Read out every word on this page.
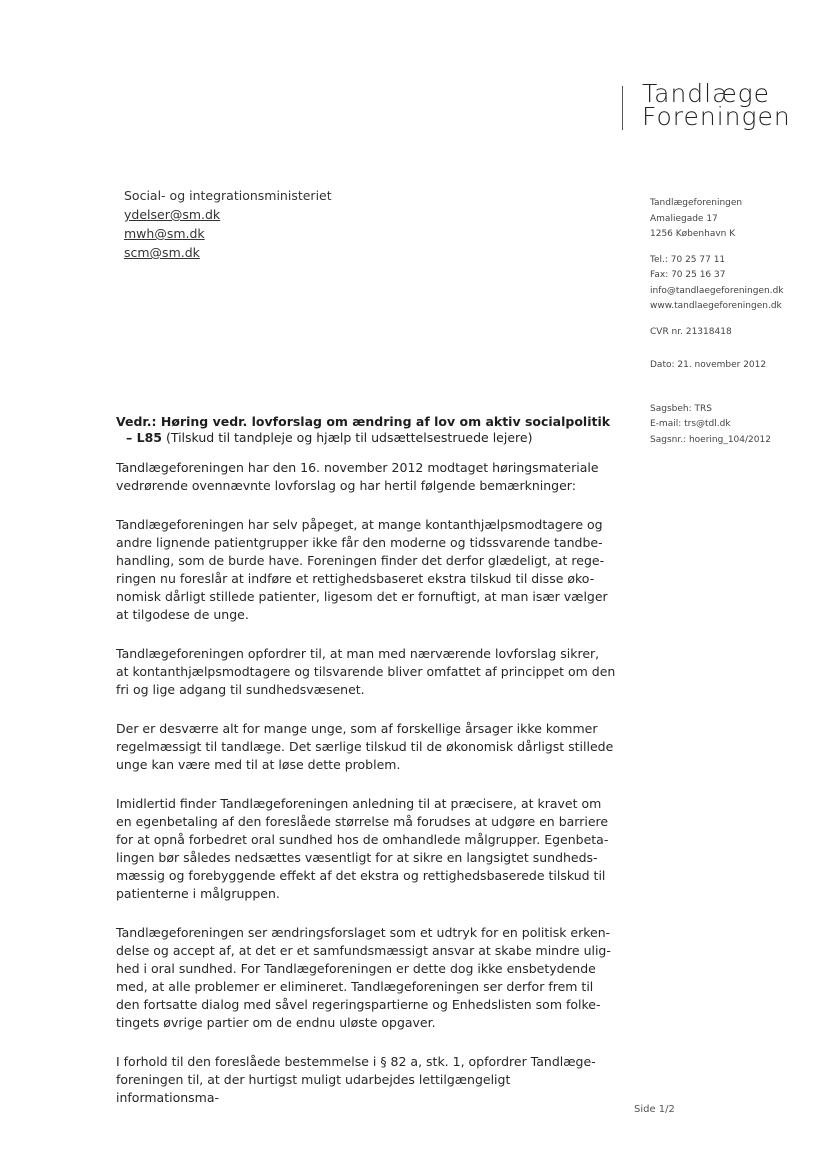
Tandlæge
Foreningen
Social- og integrationsministeriet
ydelser@sm.dk
mwh@sm.dk
scm@sm.dk
Tandlægeforeningen
Amaliegade 17
1256 København K
Tel.: 70 25 77 11
Fax: 70 25 16 37
info@tandlaegeforeningen.dk
www.tandlaegeforeningen.dk
CVR nr. 21318418
Dato: 21. november 2012
Sagsbeh: TRS
E-mail: trs@tdl.dk
Sagsnr.: hoering_104/2012
Vedr.: Høring vedr. lovforslag om ændring af lov om aktiv socialpolitik
– L85 (Tilskud til tandpleje og hjælp til udsættelsestruede lejere)

Tandlægeforeningen har den 16. november 2012 modtaget høringsmateriale
vedrørende ovennævnte lovforslag og har hertil følgende bemærkninger:

Tandlægeforeningen har selv påpeget, at mange kontanthjælpsmodtagere og
andre lignende patientgrupper ikke får den moderne og tidssvarende tandbe-
handling, som de burde have. Foreningen finder det derfor glædeligt, at rege-
ringen nu foreslår at indføre et rettighedsbaseret ekstra tilskud til disse øko-
nomisk dårligt stillede patienter, ligesom det er fornuftigt, at man især vælger
at tilgodese de unge.

Tandlægeforeningen opfordrer til, at man med nærværende lovforslag sikrer,
at kontanthjælpsmodtagere og tilsvarende bliver omfattet af princippet om den
fri og lige adgang til sundhedsvæsenet.

Der er desværre alt for mange unge, som af forskellige årsager ikke kommer
regelmæssigt til tandlæge. Det særlige tilskud til de økonomisk dårligst stillede
unge kan være med til at løse dette problem.

Imidlertid finder Tandlægeforeningen anledning til at præcisere, at kravet om
en egenbetaling af den foreslåede størrelse må forudses at udgøre en barriere
for at opnå forbedret oral sundhed hos de omhandlede målgrupper. Egenbeta-
lingen bør således nedsættes væsentligt for at sikre en langsigtet sundheds-
mæssig og forebyggende effekt af det ekstra og rettighedsbaserede tilskud til
patienterne i målgruppen.

Tandlægeforeningen ser ændringsforslaget som et udtryk for en politisk erken-
delse og accept af, at det er et samfundsmæssigt ansvar at skabe mindre ulig-
hed i oral sundhed. For Tandlægeforeningen er dette dog ikke ensbetydende
med, at alle problemer er elimineret. Tandlægeforeningen ser derfor frem til
den fortsatte dialog med såvel regeringspartierne og Enhedslisten som folke-
tingets øvrige partier om de endnu uløste opgaver.

I forhold til den foreslåede bestemmelse i § 82 a, stk. 1, opfordrer Tandlæge-
foreningen til, at der hurtigst muligt udarbejdes lettilgængeligt informationsma-

Side 1/2
